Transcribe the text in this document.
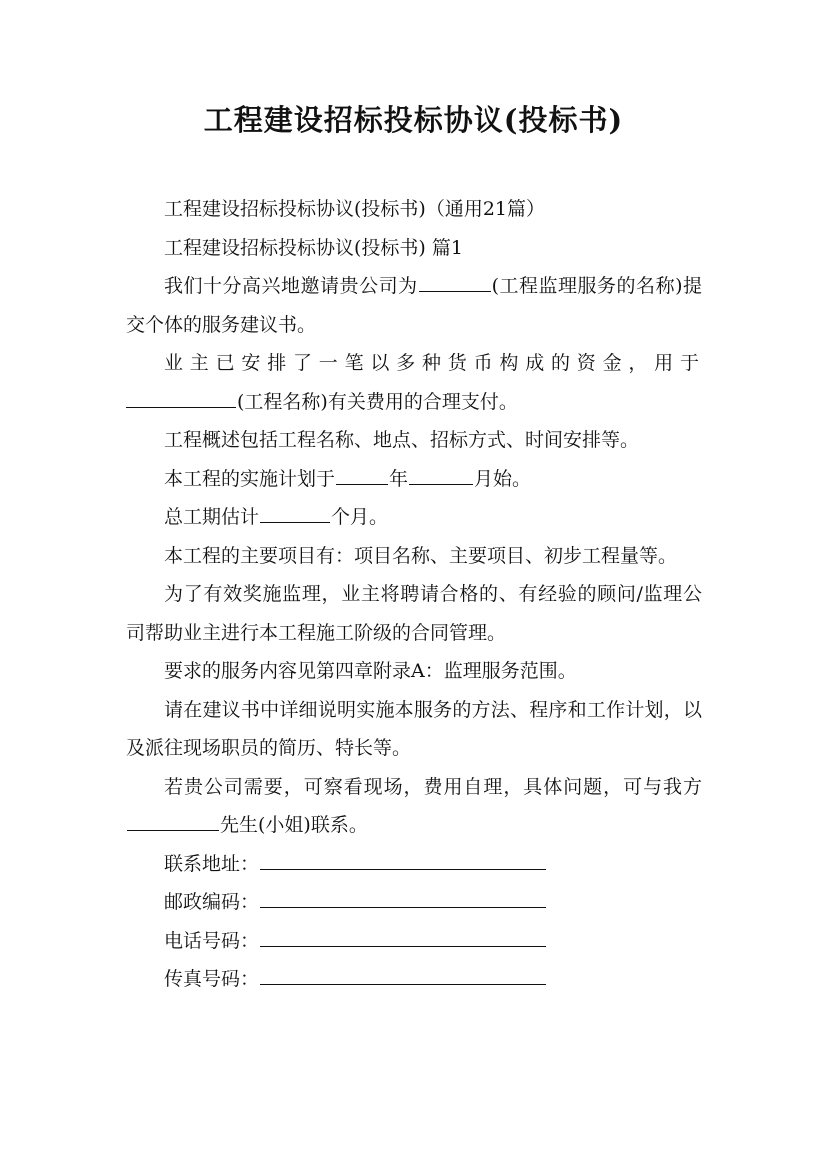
工程建设招标投标协议(投标书)
工程建设招标投标协议(投标书)（通用21篇）
工程建设招标投标协议(投标书) 篇1
我们十分高兴地邀请贵公司为	(工程监理服务的名称)提交个体的服务建议书。
业主已安排了一笔以多种货币构成的资金，用于(工程名称)有关费用的合理支付。
工程概述包括工程名称、地点、招标方式、时间安排等。
本工程的实施计划于	年	月始。
总工期估计	个月。
本工程的主要项目有：项目名称、主要项目、初步工程量等。
为了有效奖施监理，业主将聘请合格的、有经验的顾问/监理公司帮助业主进行本工程施工阶级的合同管理。
要求的服务内容见第四章附录A：监理服务范围。
请在建议书中详细说明实施本服务的方法、程序和工作计划，以及派往现场职员的简历、特长等。
若贵公司需要，可察看现场，费用自理，具体问题，可与我方先生(小姐)联系。
联系地址：
邮政编码：
电话号码：
传真号码：
